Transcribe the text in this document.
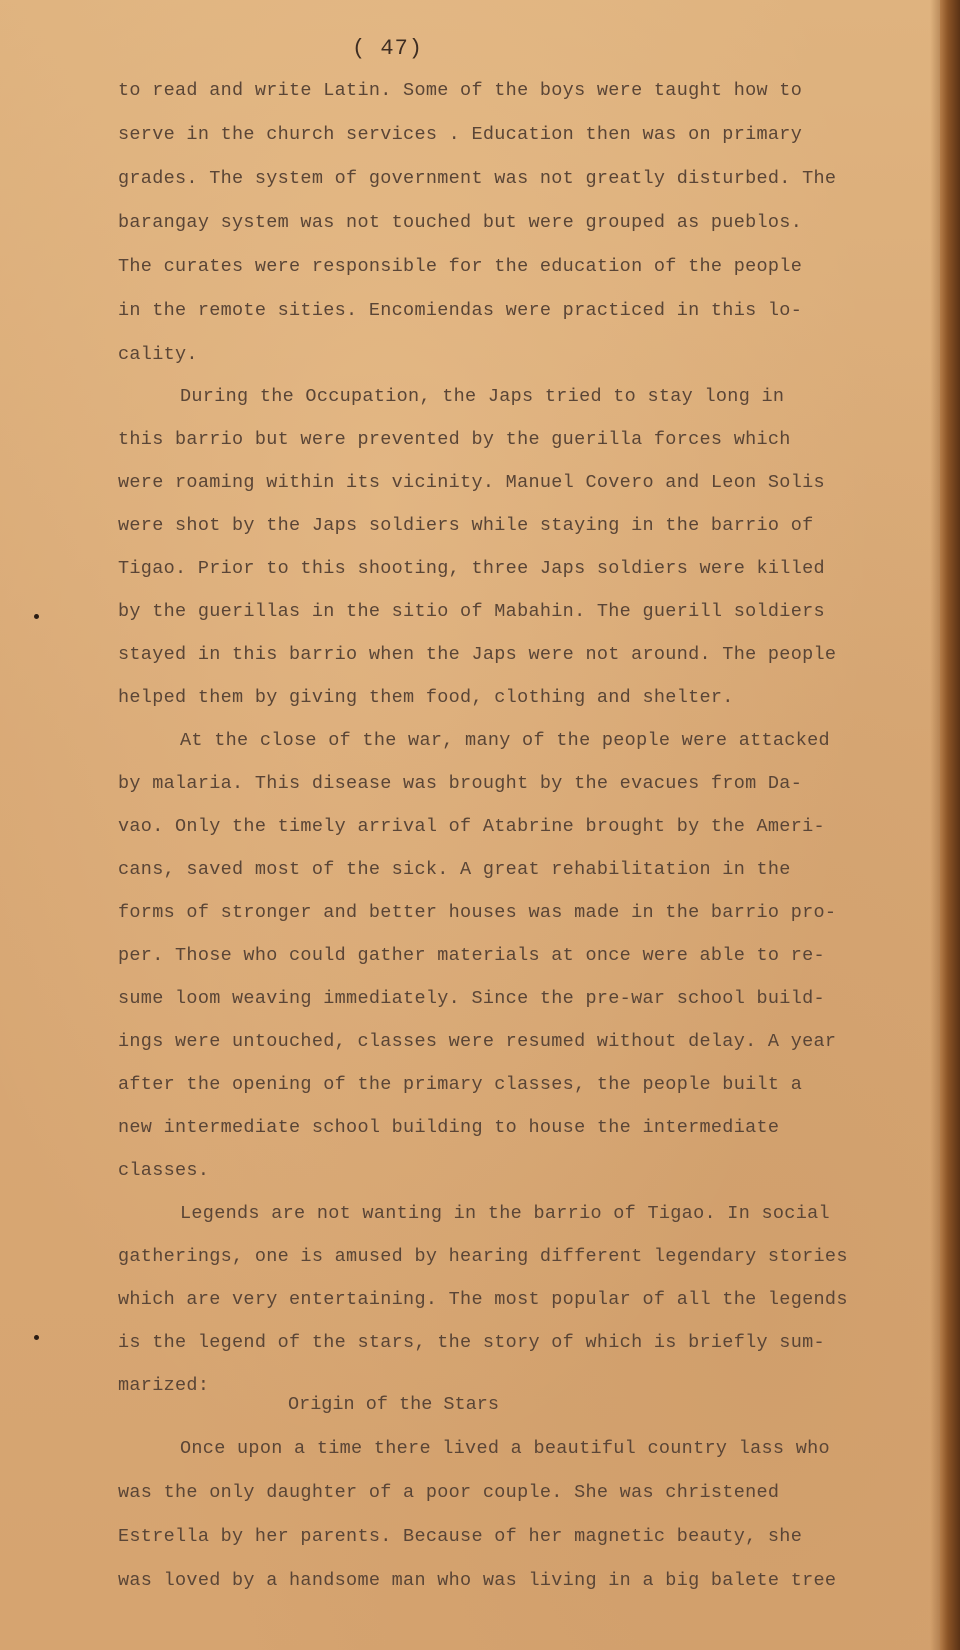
( 47)
to read and write Latin. Some of the boys were taught how to
serve in the church services . Education then was on primary
grades. The system of government was not greatly disturbed. The
barangay system was not touched but were grouped as pueblos.
The curates were responsible for the education of the people
in the remote sities. Encomiendas were practiced in this lo-
cality.
During the Occupation, the Japs tried to stay long in
this barrio but were prevented by the guerilla forces which
were roaming within its vicinity. Manuel Covero and Leon Solis
were shot by the Japs soldiers while staying in the barrio of
Tigao. Prior to this shooting, three Japs soldiers were killed
by the guerillas in the sitio of Mabahin. The guerill soldiers
stayed in this barrio when the Japs were not around. The people
helped them by giving them food, clothing and shelter.
At the close of the war, many of the people were attacked
by malaria. This disease was brought by the evacues from Da-
vao. Only the timely arrival of Atabrine brought by the Ameri-
cans, saved most of the sick. A great rehabilitation in the
forms of stronger and better houses was made in the barrio pro-
per. Those who could gather materials at once were able to re-
sume loom weaving immediately. Since the pre-war school build-
ings were untouched, classes were resumed without delay. A year
after the opening of the primary classes, the people built a
new intermediate school building to house the intermediate
classes.
Legends are not wanting in the barrio of Tigao. In social
gatherings, one is amused by hearing different legendary stories
which are very entertaining. The most popular of all the legends
is the legend of the stars, the story of which is briefly sum-
marized:
Origin of the Stars
Once upon a time there lived a beautiful country lass who
was the only daughter of a poor couple. She was christened
Estrella by her parents. Because of her magnetic beauty, she
was loved by a handsome man who was living in a big balete tree
